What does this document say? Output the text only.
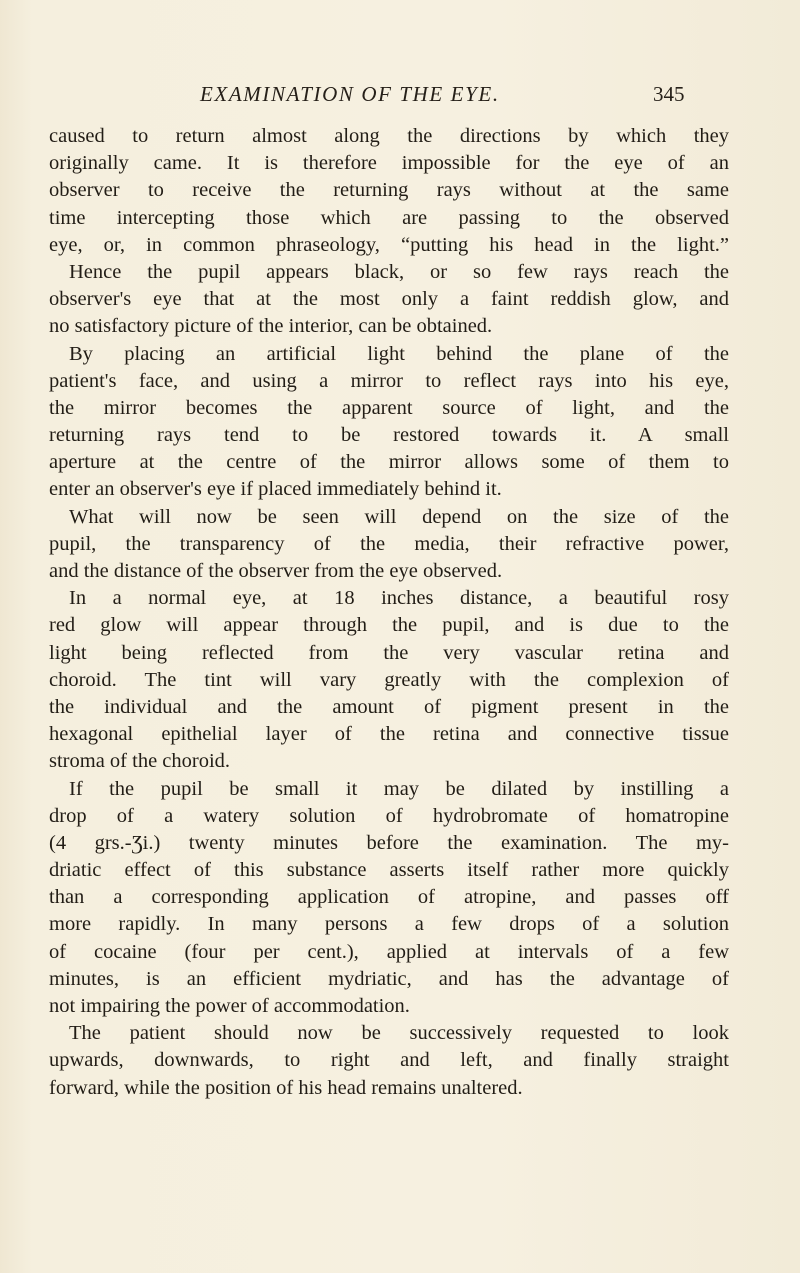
EXAMINATION OF THE EYE.	345
caused to return almost along the directions by which they
originally came. It is therefore impossible for the eye of an
observer to receive the returning rays without at the same
time intercepting those which are passing to the observed
eye, or, in common phraseology, “putting his head in the light.”
Hence the pupil appears black, or so few rays reach the
observer's eye that at the most only a faint reddish glow, and
no satisfactory picture of the interior, can be obtained.
By placing an artificial light behind the plane of the
patient's face, and using a mirror to reflect rays into his eye,
the mirror becomes the apparent source of light, and the
returning rays tend to be restored towards it. A small
aperture at the centre of the mirror allows some of them to
enter an observer's eye if placed immediately behind it.
What will now be seen will depend on the size of the
pupil, the transparency of the media, their refractive power,
and the distance of the observer from the eye observed.
In a normal eye, at 18 inches distance, a beautiful rosy
red glow will appear through the pupil, and is due to the
light being reflected from the very vascular retina and
choroid. The tint will vary greatly with the complexion of
the individual and the amount of pigment present in the
hexagonal epithelial layer of the retina and connective tissue
stroma of the choroid.
If the pupil be small it may be dilated by instilling a
drop of a watery solution of hydrobromate of homatropine
(4 grs.-Ʒi.) twenty minutes before the examination. The my-
driatic effect of this substance asserts itself rather more quickly
than a corresponding application of atropine, and passes off
more rapidly. In many persons a few drops of a solution
of cocaine (four per cent.), applied at intervals of a few
minutes, is an efficient mydriatic, and has the advantage of
not impairing the power of accommodation.
The patient should now be successively requested to look
upwards, downwards, to right and left, and finally straight
forward, while the position of his head remains unaltered.
